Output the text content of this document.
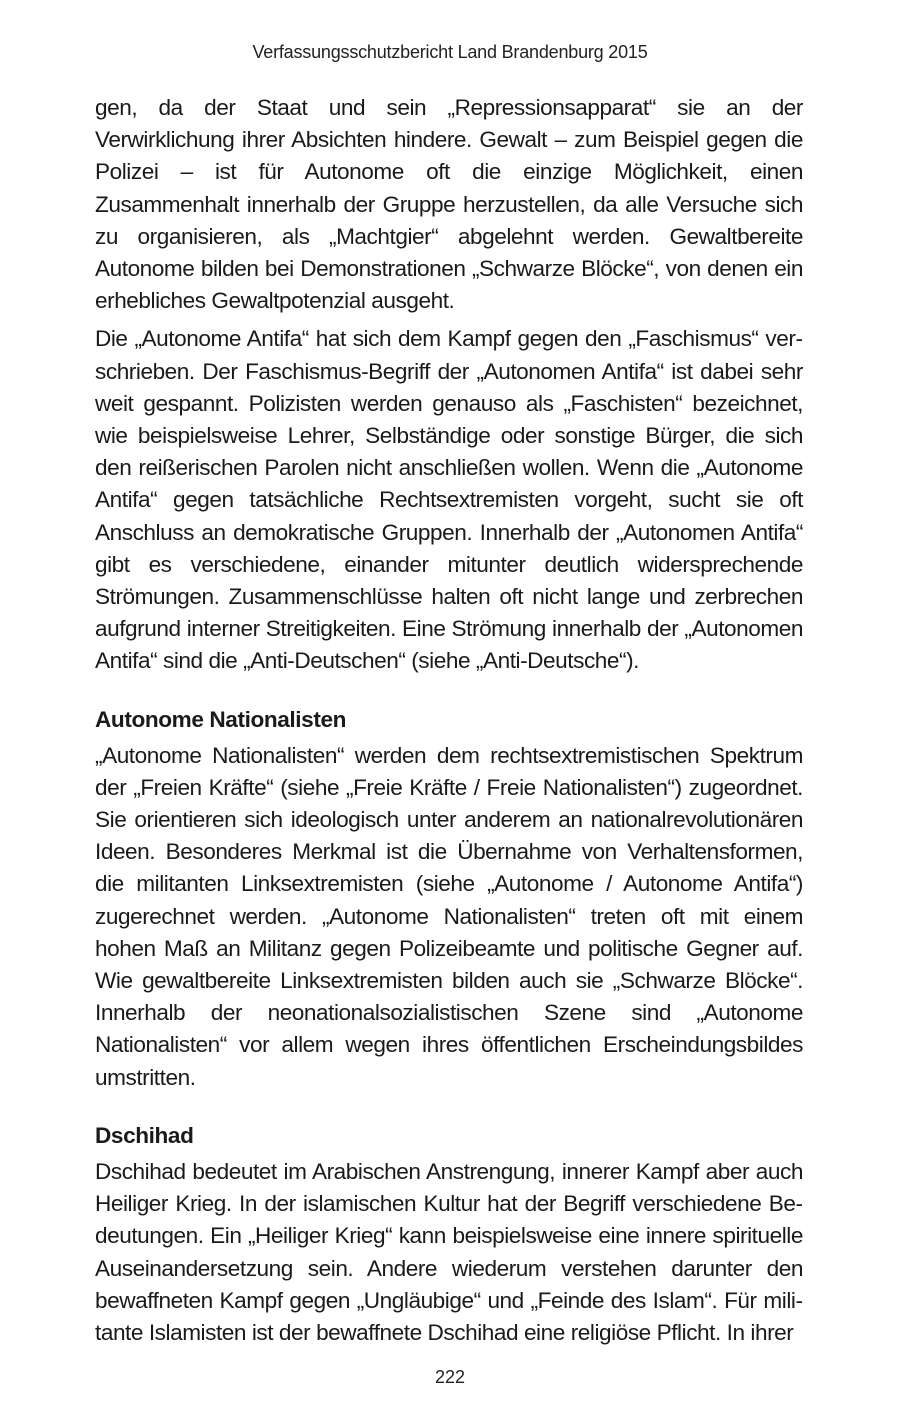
Verfassungsschutzbericht Land Brandenburg 2015

gen, da der Staat und sein „Repressionsapparat“ sie an der Verwirklichung ihrer Absichten hindere. Gewalt – zum Beispiel gegen die Polizei – ist für Autonome oft die einzige Möglichkeit, einen Zusammenhalt innerhalb der Gruppe herzustellen, da alle Versuche sich zu organisieren, als „Machtgier“ abgelehnt werden. Gewaltbereite Autonome bilden bei Demonstrationen „Schwarze Blöcke“, von denen ein erhebliches Gewaltpotenzial ausgeht.

Die „Autonome Antifa“ hat sich dem Kampf gegen den „Faschismus“ verschrieben. Der Faschismus-Begriff der „Autonomen Antifa“ ist dabei sehr weit gespannt. Polizisten werden genauso als „Faschisten“ bezeichnet, wie beispielsweise Lehrer, Selbständige oder sonstige Bürger, die sich den reißerischen Parolen nicht anschließen wollen. Wenn die „Autonome Antifa“ gegen tatsächliche Rechtsextremisten vorgeht, sucht sie oft Anschluss an demokratische Gruppen. Innerhalb der „Autonomen Antifa“ gibt es verschiedene, einander mitunter deutlich widersprechende Strömungen. Zusammenschlüsse halten oft nicht lange und zerbrechen aufgrund interner Streitigkeiten. Eine Strömung innerhalb der „Autonomen Antifa“ sind die „Anti-Deutschen“ (siehe „Anti-Deutsche“).

Autonome Nationalisten

„Autonome Nationalisten“ werden dem rechtsextremistischen Spektrum der „Freien Kräfte“ (siehe „Freie Kräfte / Freie Nationalisten“) zugeordnet. Sie orientieren sich ideologisch unter anderem an nationalrevolutionären Ideen. Besonderes Merkmal ist die Übernahme von Verhaltensformen, die militanten Linksextremisten (siehe „Autonome / Autonome Antifa“) zugerechnet werden. „Autonome Nationalisten“ treten oft mit einem hohen Maß an Militanz gegen Polizeibeamte und politische Gegner auf. Wie gewaltbereite Linksextremisten bilden auch sie „Schwarze Blöcke“. Innerhalb der neonationalsozialistischen Szene sind „Autonome Nationalisten“ vor allem wegen ihres öffentlichen Erscheindungsbildes umstritten.

Dschihad

Dschihad bedeutet im Arabischen Anstrengung, innerer Kampf aber auch Heiliger Krieg. In der islamischen Kultur hat der Begriff verschiedene Bedeutungen. Ein „Heiliger Krieg“ kann beispielsweise eine innere spirituelle Auseinandersetzung sein. Andere wiederum verstehen darunter den bewaffneten Kampf gegen „Ungläubige“ und „Feinde des Islam“. Für militante Islamisten ist der bewaffnete Dschihad eine religiöse Pflicht. In ihrer

222
